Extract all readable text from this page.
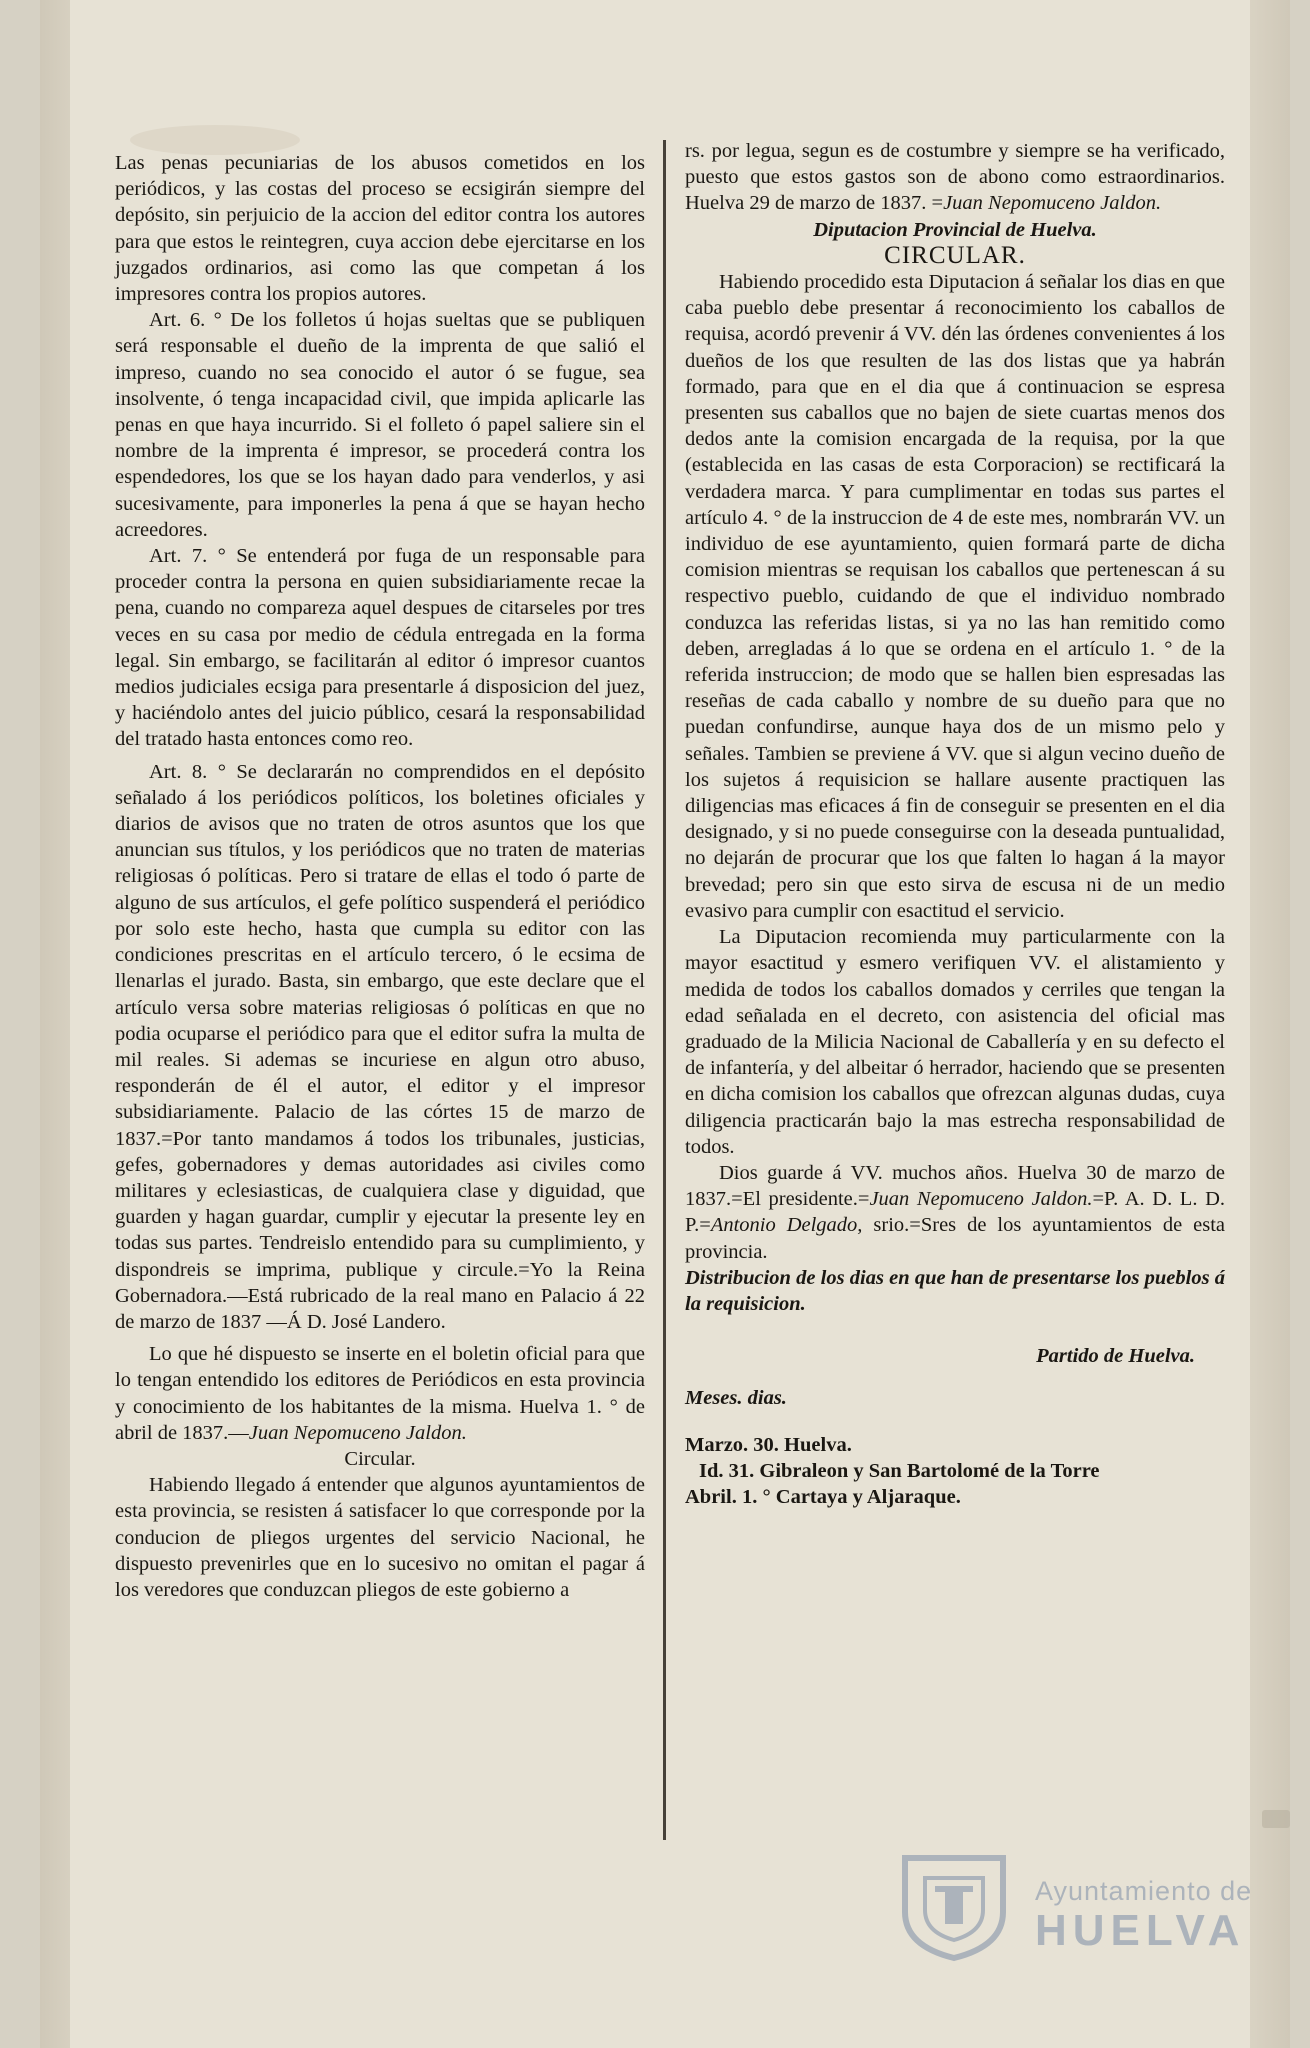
Las penas pecuniarias de los abusos cometidos en los periódicos, y las costas del proceso se ecsigirán siempre del depósito, sin perjuicio de la accion del editor contra los autores para que estos le reintegren, cuya accion debe ejercitarse en los juzgados ordinarios, asi como las que competan á los impresores contra los propios autores.

Art. 6. ° De los folletos ú hojas sueltas que se publiquen será responsable el dueño de la imprenta de que salió el impreso, cuando no sea conocido el autor ó se fugue, sea insolvente, ó tenga incapacidad civil, que impida aplicarle las penas en que haya incurrido. Si el folleto ó papel saliere sin el nombre de la imprenta é impresor, se procederá contra los espendedores, los que se los hayan dado para venderlos, y asi sucesivamente, para imponerles la pena á que se hayan hecho acreedores.

Art. 7. ° Se entenderá por fuga de un responsable para proceder contra la persona en quien subsidiariamente recae la pena, cuando no compareza aquel despues de citarseles por tres veces en su casa por medio de cédula entregada en la forma legal. Sin embargo, se facilitarán al editor ó impresor cuantos medios judiciales ecsiga para presentarle á disposicion del juez, y haciéndolo antes del juicio público, cesará la responsabilidad del tratado hasta entonces como reo.

Art. 8. ° Se declararán no comprendidos en el depósito señalado á los periódicos políticos, los boletines oficiales y diarios de avisos que no traten de otros asuntos que los que anuncian sus títulos, y los periódicos que no traten de materias religiosas ó políticas. Pero si tratare de ellas el todo ó parte de alguno de sus artículos, el gefe político suspenderá el periódico por solo este hecho, hasta que cumpla su editor con las condiciones prescritas en el artículo tercero, ó le ecsima de llenarlas el jurado. Basta, sin embargo, que este declare que el artículo versa sobre materias religiosas ó políticas en que no podia ocuparse el periódico para que el editor sufra la multa de mil reales. Si ademas se incuriese en algun otro abuso, responderán de él el autor, el editor y el impresor subsidiariamente. Palacio de las córtes 15 de marzo de 1837.=Por tanto mandamos á todos los tribunales, justicias, gefes, gobernadores y demas autoridades asi civiles como militares y eclesiasticas, de cualquiera clase y diguidad, que guarden y hagan guardar, cumplir y ejecutar la presente ley en todas sus partes. Tendreislo entendido para su cumplimiento, y dispondreis se imprima, publique y circule.=Yo la Reina Gobernadora.—Está rubricado de la real mano en Palacio á 22 de marzo de 1837 —Á D. José Landero.

Lo que hé dispuesto se inserte en el boletin oficial para que lo tengan entendido los editores de Periódicos en esta provincia y conocimiento de los habitantes de la misma. Huelva 1. ° de abril de 1837.—Juan Nepomuceno Jaldon.

Circular.

Habiendo llegado á entender que algunos ayuntamientos de esta provincia, se resisten á satisfacer lo que corresponde por la conducion de pliegos urgentes del servicio Nacional, he dispuesto prevenirles que en lo sucesivo no omitan el pagar á los veredores que conduzcan pliegos de este gobierno a

rs. por legua, segun es de costumbre y siempre se ha verificado, puesto que estos gastos son de abono como estraordinarios. Huelva 29 de marzo de 1837. =Juan Nepomuceno Jaldon.

Diputacion Provincial de Huelva.

CIRCULAR.

Habiendo procedido esta Diputacion á señalar los dias en que caba pueblo debe presentar á reconocimiento los caballos de requisa, acordó prevenir á VV. dén las órdenes convenientes á los dueños de los que resulten de las dos listas que ya habrán formado, para que en el dia que á continuacion se espresa presenten sus caballos que no bajen de siete cuartas menos dos dedos ante la comision encargada de la requisa, por la que (establecida en las casas de esta Corporacion) se rectificará la verdadera marca. Y para cumplimentar en todas sus partes el artículo 4. ° de la instruccion de 4 de este mes, nombrarán VV. un individuo de ese ayuntamiento, quien formará parte de dicha comision mientras se requisan los caballos que pertenescan á su respectivo pueblo, cuidando de que el individuo nombrado conduzca las referidas listas, si ya no las han remitido como deben, arregladas á lo que se ordena en el artículo 1. ° de la referida instruccion; de modo que se hallen bien espresadas las reseñas de cada caballo y nombre de su dueño para que no puedan confundirse, aunque haya dos de un mismo pelo y señales. Tambien se previene á VV. que si algun vecino dueño de los sujetos á requisicion se hallare ausente practiquen las diligencias mas eficaces á fin de conseguir se presenten en el dia designado, y si no puede conseguirse con la deseada puntualidad, no dejarán de procurar que los que falten lo hagan á la mayor brevedad; pero sin que esto sirva de escusa ni de un medio evasivo para cumplir con esactitud el servicio.

La Diputacion recomienda muy particularmente con la mayor esactitud y esmero verifiquen VV. el alistamiento y medida de todos los caballos domados y cerriles que tengan la edad señalada en el decreto, con asistencia del oficial mas graduado de la Milicia Nacional de Caballería y en su defecto el de infantería, y del albeitar ó herrador, haciendo que se presenten en dicha comision los caballos que ofrezcan algunas dudas, cuya diligencia practicarán bajo la mas estrecha responsabilidad de todos.

Dios guarde á VV. muchos años. Huelva 30 de marzo de 1837.=El presidente.=Juan Nepomuceno Jaldon.=P. A. D. L. D. P.=Antonio Delgado, srio.=Sres de los ayuntamientos de esta provincia.

Distribucion de los dias en que han de presentarse los pueblos á la requisicion.

Partido de Huelva.

Meses. dias.

Marzo. 30. Huelva.

Id. 31. Gibraleon y San Bartolomé de la Torre

Abril. 1. ° Cartaya y Aljaraque.

Ayuntamiento de
HUELVA
